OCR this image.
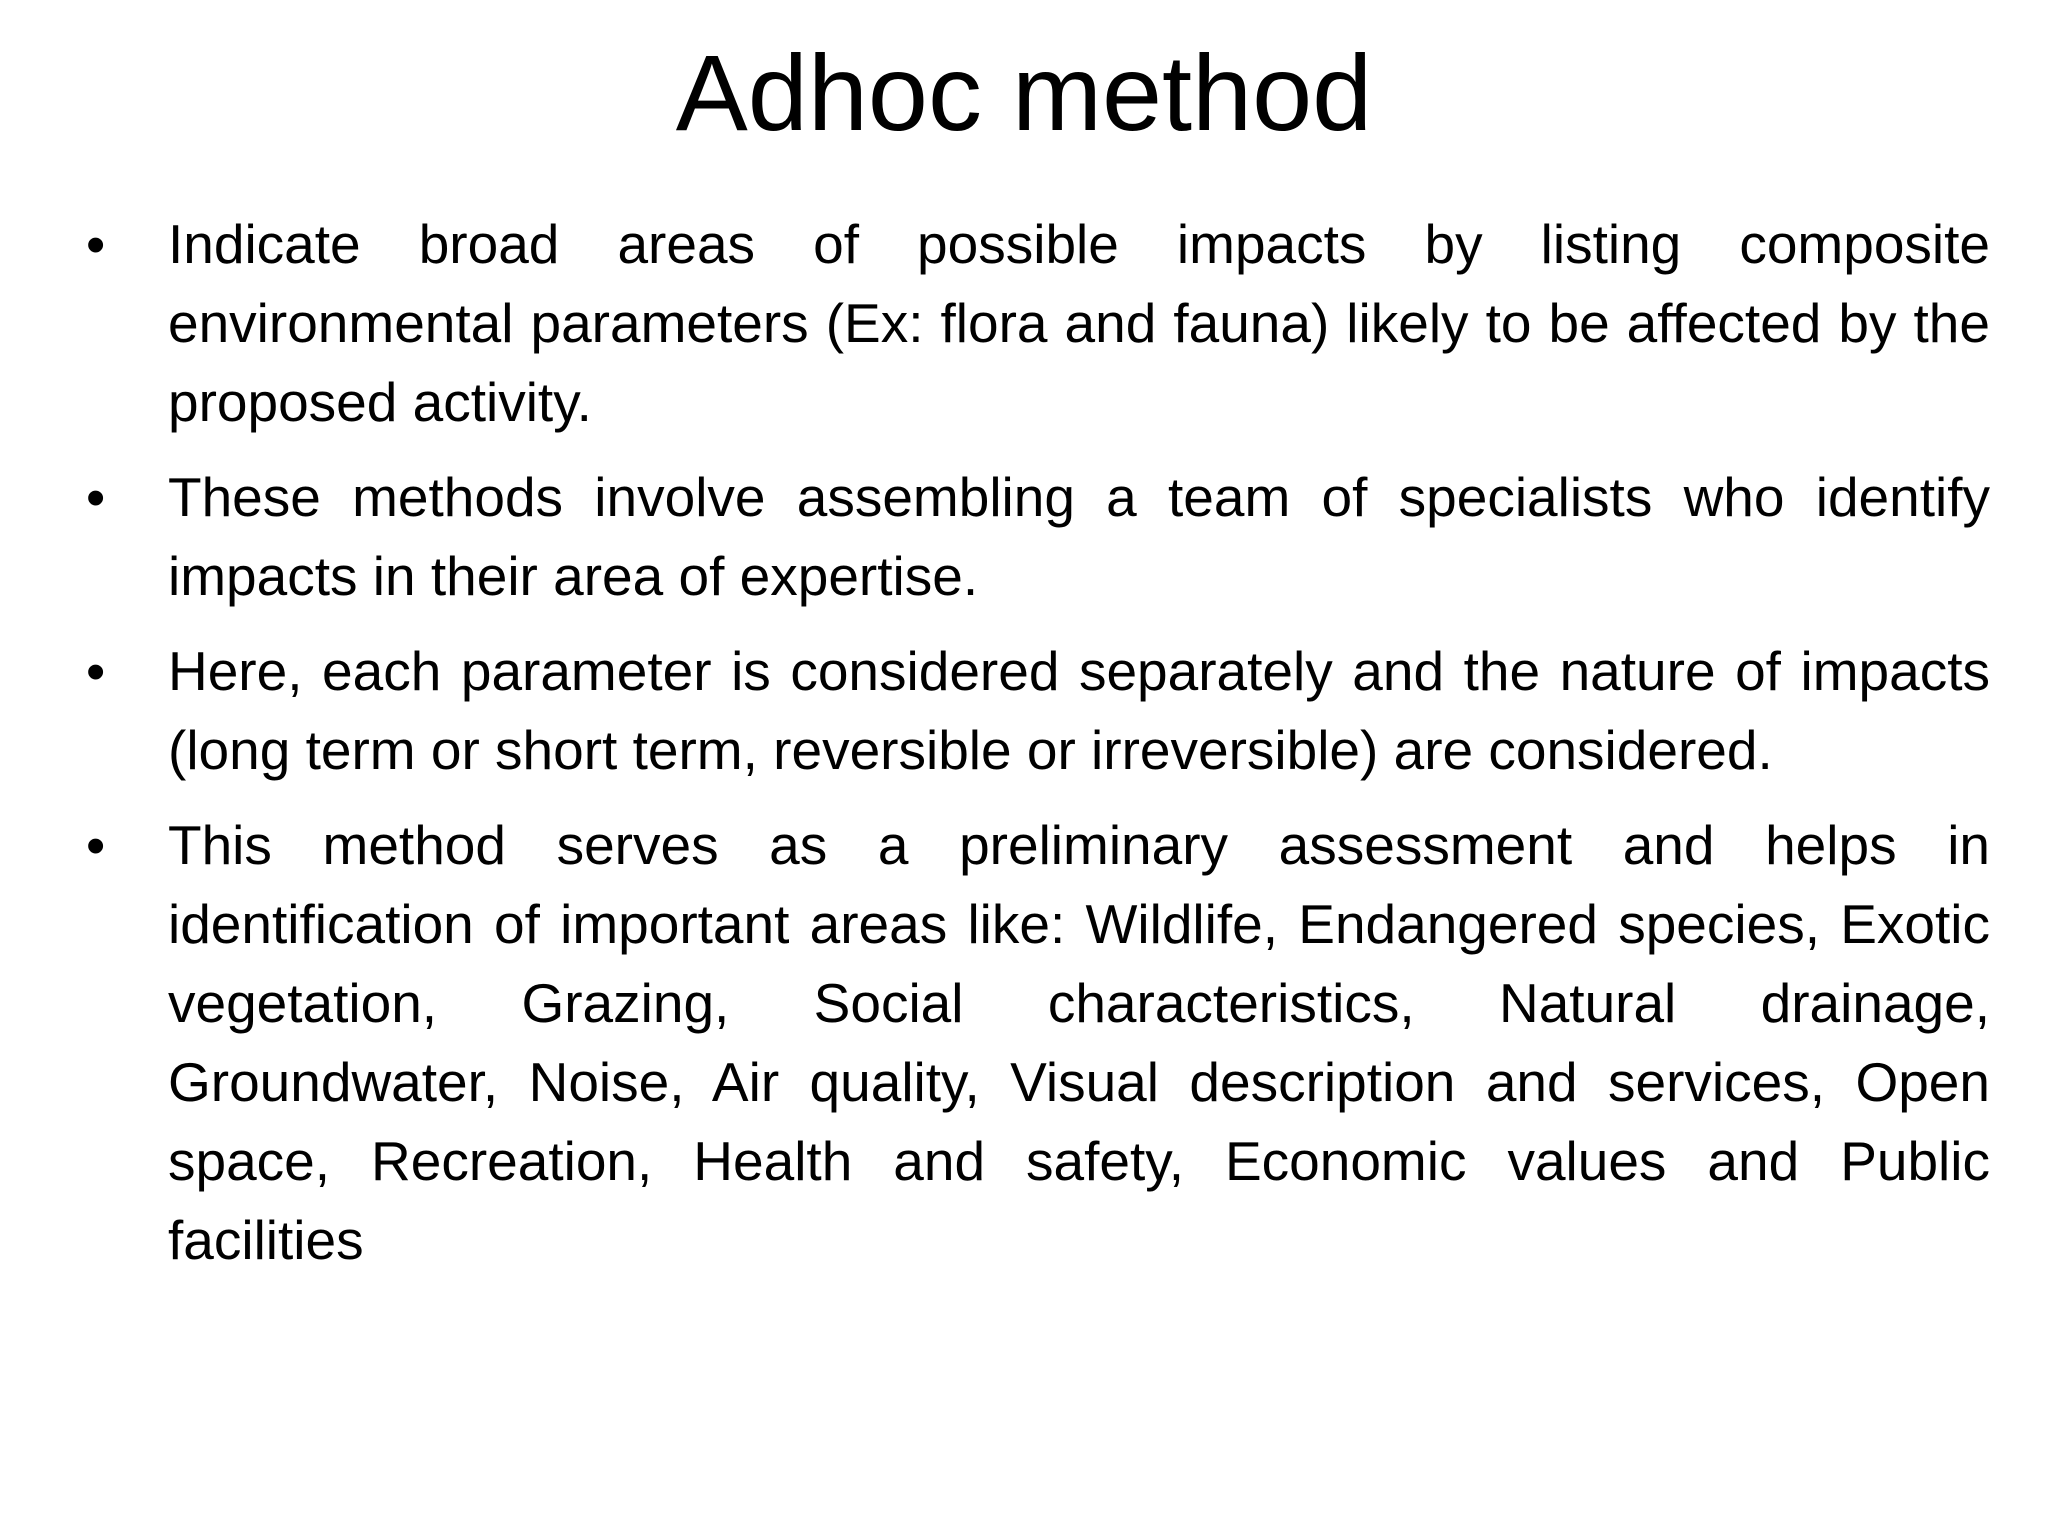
Adhoc method
•	Indicate broad areas of possible impacts by listing composite environmental parameters (Ex: flora and fauna) likely to be affected by the proposed activity.
•	These methods involve assembling a team of specialists who identify impacts in their area of expertise.
•	Here, each parameter is considered separately and the nature of impacts (long term or short term, reversible or irreversible) are considered.
•	This method serves as a preliminary assessment and helps in identification of important areas like: Wildlife, Endangered species, Exotic vegetation, Grazing, Social characteristics, Natural drainage, Groundwater, Noise, Air quality, Visual description and services, Open space, Recreation, Health and safety, Economic values and Public facilities
